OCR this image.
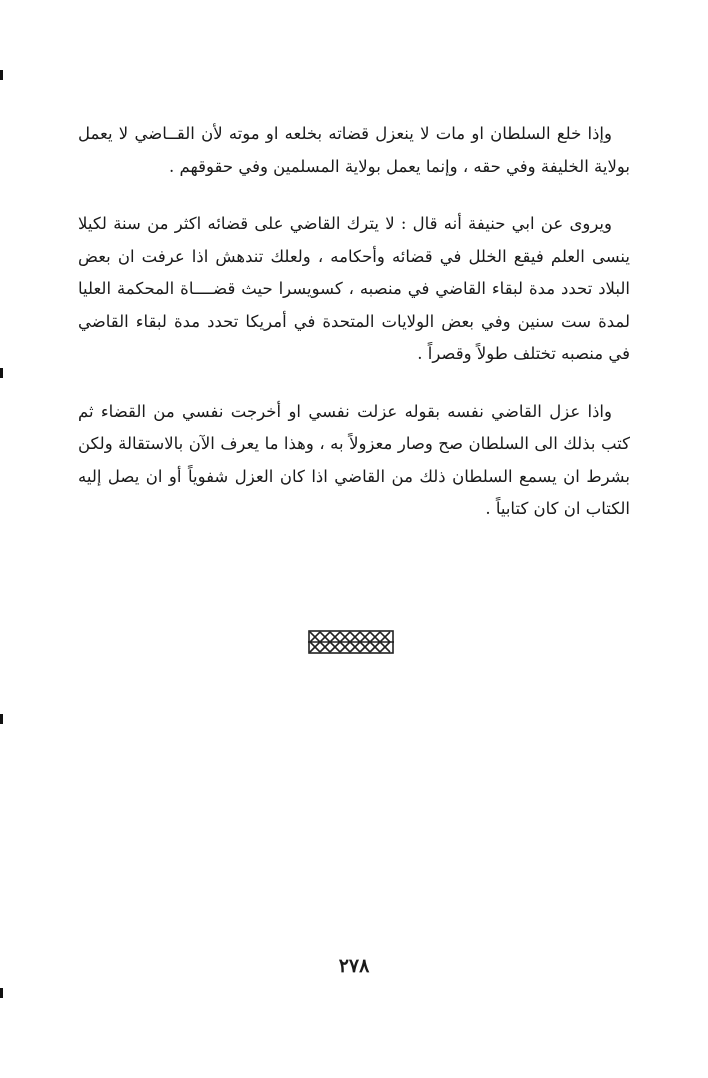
وإذا خلع السلطان او مات لا ينعزل قضاته بخلعه او موته لأن القــاضي لا يعمل بولاية الخليفة وفي حقه ، وإنما يعمل بولاية المسلمين وفي حقوقهم .

ويروى عن ابي حنيفة أنه قال : لا يترك القاضي على قضائه اكثر من سنة لكيلا ينسى العلم فيقع الخلل في قضائه وأحكامه ، ولعلك تندهش اذا عرفت ان بعض البلاد تحدد مدة لبقاء القاضي في منصبه ، كسويسرا حيث قضــــاة المحكمة العليا لمدة ست سنين وفي بعض الولايات المتحدة في أمريكا تحدد مدة لبقاء القاضي في منصبه تختلف طولاً وقصراً .

واذا عزل القاضي نفسه بقوله عزلت نفسي او أخرجت نفسي من القضاء ثم كتب بذلك الى السلطان صح وصار معزولاً به ، وهذا ما يعرف الآن بالاستقالة ولكن بشرط ان يسمع السلطان ذلك من القاضي اذا كان العزل شفوياً أو ان يصل إليه الكتاب ان كان كتابياً .

٢٧٨
